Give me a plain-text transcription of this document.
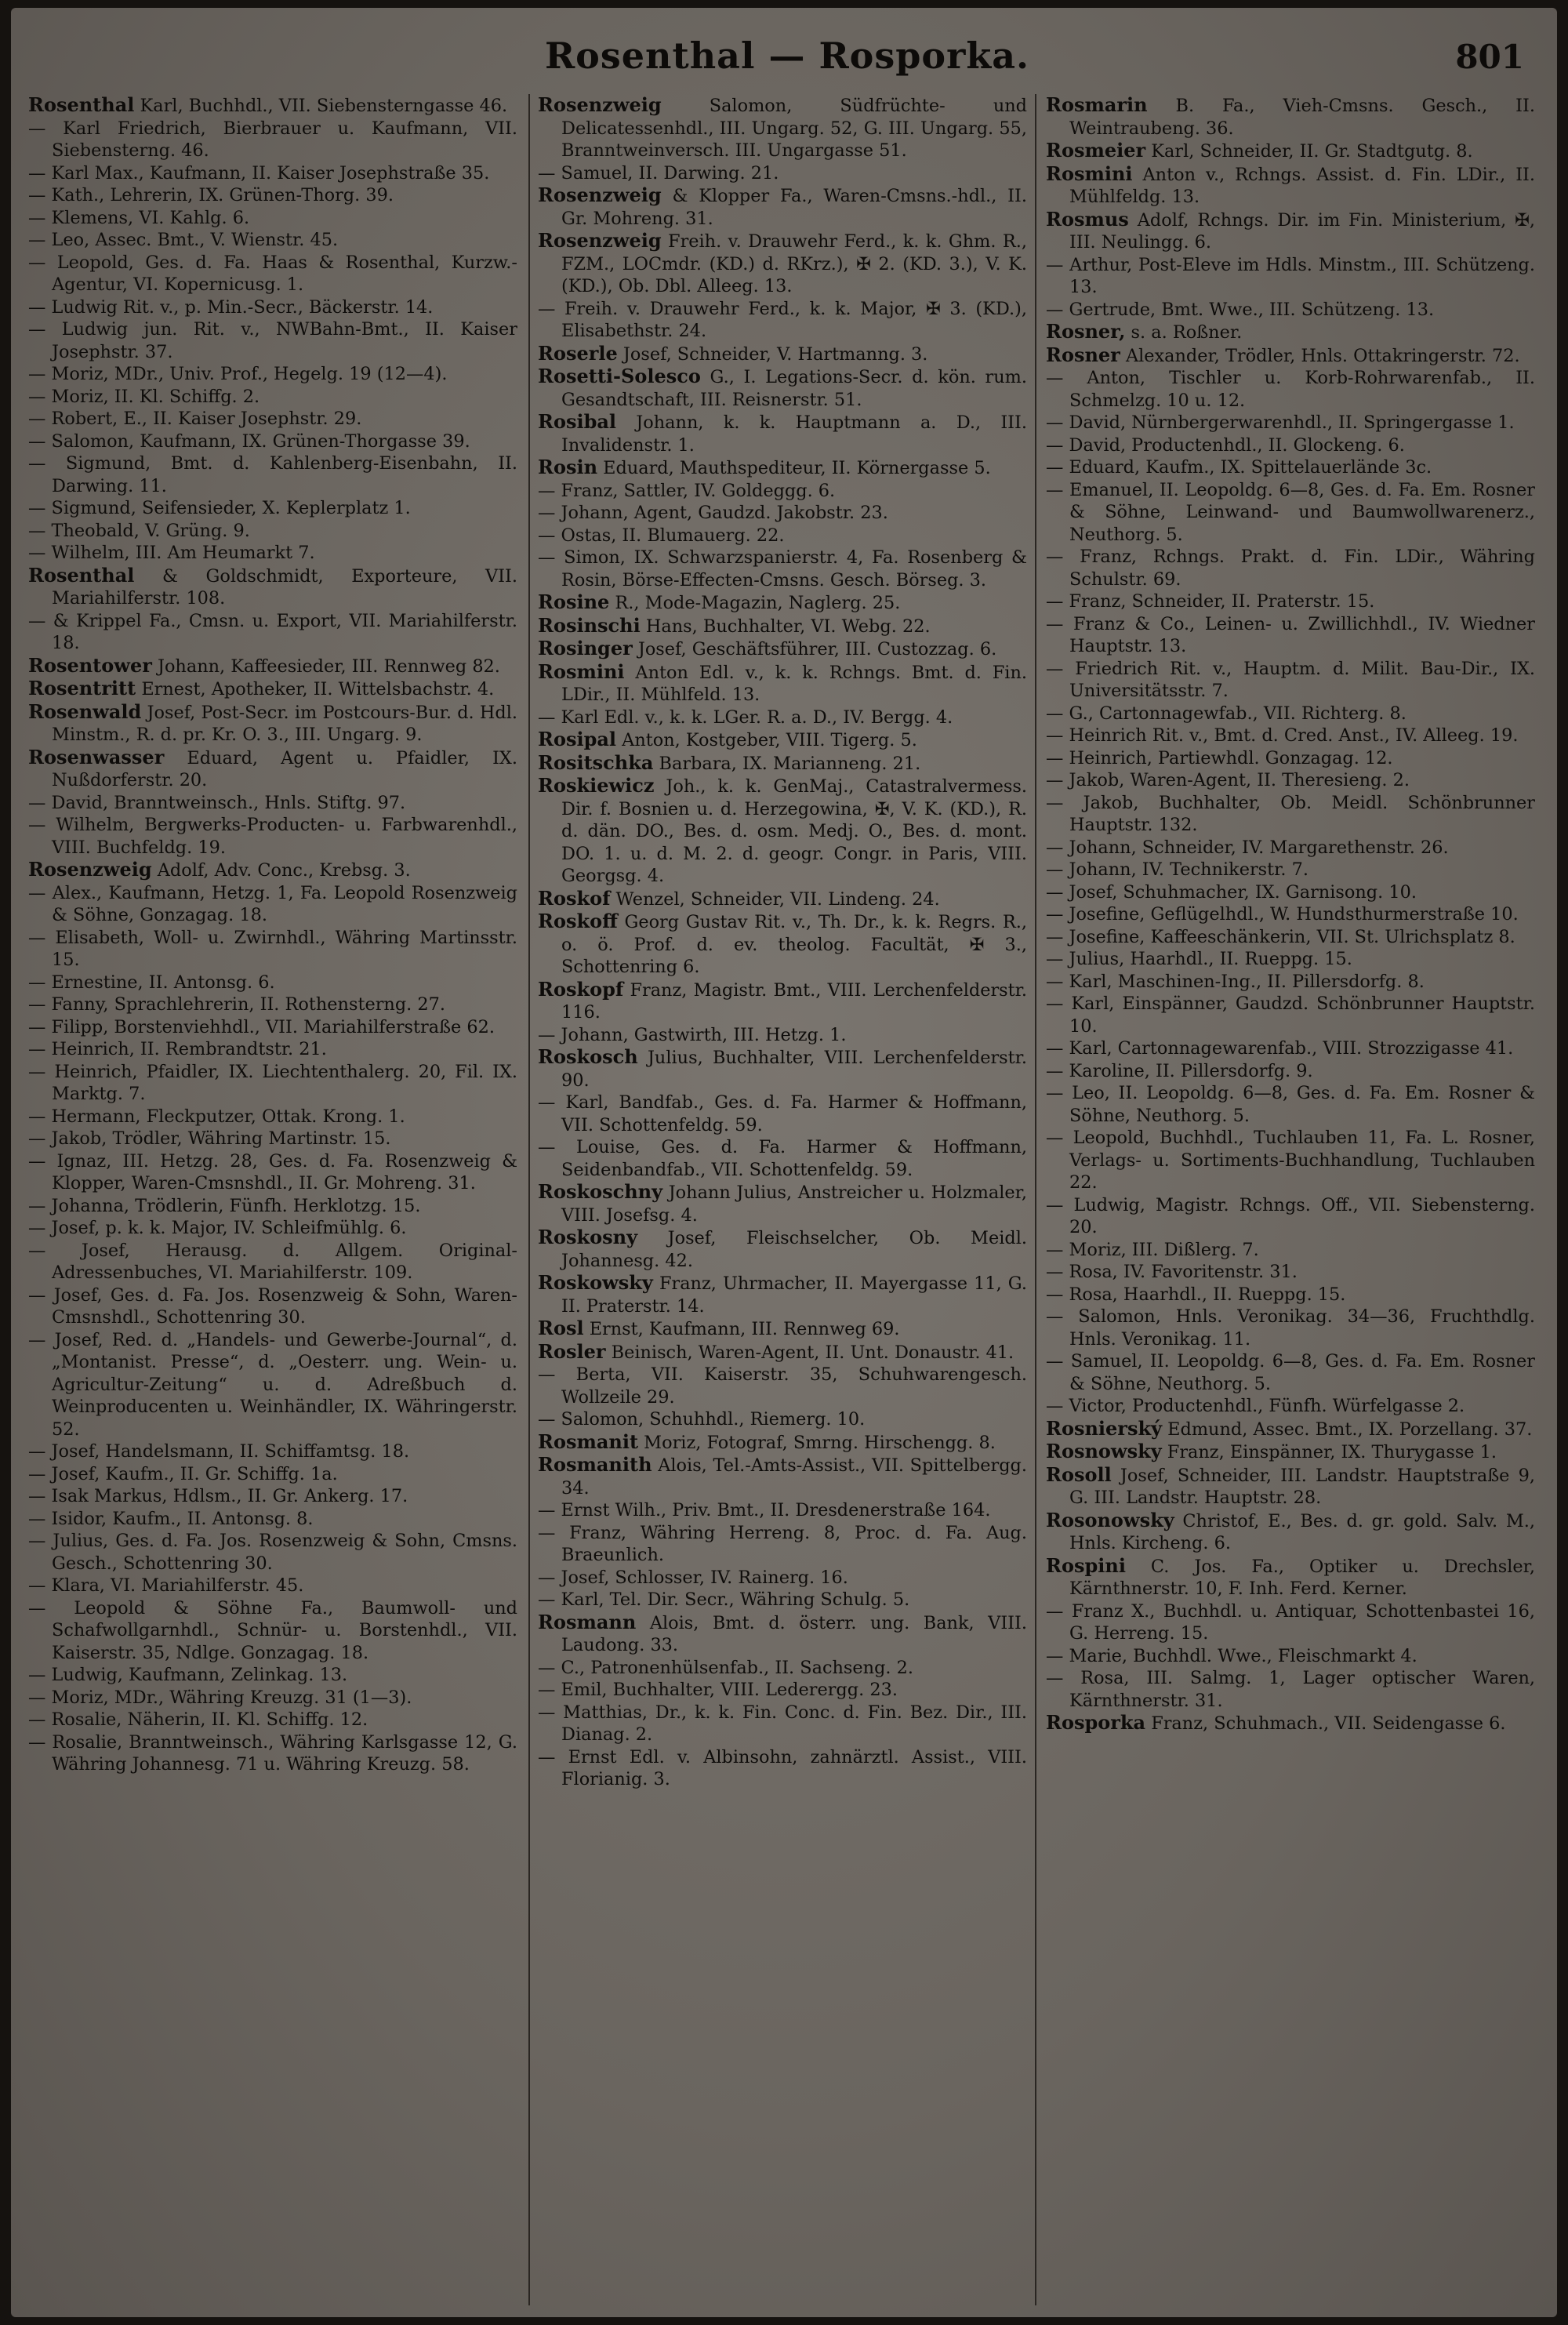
Rosenthal — Rosporka.	801

Rosenthal Karl, Buchhdl., VII. Siebensterngasse 46.

— Karl Friedrich, Bierbrauer u. Kaufmann, VII. Siebensterng. 46.

— Karl Max., Kaufmann, II. Kaiser Josephstraße 35.

— Kath., Lehrerin, IX. Grünen-Thorg. 39.

— Klemens, VI. Kahlg. 6.

— Leo, Assec. Bmt., V. Wienstr. 45.

— Leopold, Ges. d. Fa. Haas & Rosenthal, Kurzw.-Agentur, VI. Kopernicusg. 1.

— Ludwig Rit. v., p. Min.-Secr., Bäckerstr. 14.

— Ludwig jun. Rit. v., NWBahn-Bmt., II. Kaiser Josephstr. 37.

— Moriz, MDr., Univ. Prof., Hegelg. 19 (12—4).

— Moriz, II. Kl. Schiffg. 2.

— Robert, E., II. Kaiser Josephstr. 29.

— Salomon, Kaufmann, IX. Grünen-Thorgasse 39.

— Sigmund, Bmt. d. Kahlenberg-Eisenbahn, II. Darwing. 11.

— Sigmund, Seifensieder, X. Keplerplatz 1.

— Theobald, V. Grüng. 9.

— Wilhelm, III. Am Heumarkt 7.

Rosenthal & Goldschmidt, Exporteure, VII. Mariahilferstr. 108.

— & Krippel Fa., Cmsn. u. Export, VII. Mariahilferstr. 18.

Rosentower Johann, Kaffeesieder, III. Rennweg 82.

Rosentritt Ernest, Apotheker, II. Wittelsbachstr. 4.

Rosenwald Josef, Post-Secr. im Postcours-Bur. d. Hdl. Minstm., R. d. pr. Kr. O. 3., III. Ungarg. 9.

Rosenwasser Eduard, Agent u. Pfaidler, IX. Nußdorferstr. 20.

— David, Branntweinsch., Hnls. Stiftg. 97.

— Wilhelm, Bergwerks-Producten- u. Farbwarenhdl., VIII. Buchfeldg. 19.

Rosenzweig Adolf, Adv. Conc., Krebsg. 3.

— Alex., Kaufmann, Hetzg. 1, Fa. Leopold Rosenzweig & Söhne, Gonzagag. 18.

— Elisabeth, Woll- u. Zwirnhdl., Währing Martinsstr. 15.

— Ernestine, II. Antonsg. 6.

— Fanny, Sprachlehrerin, II. Rothensterng. 27.

— Filipp, Borstenviehhdl., VII. Mariahilferstraße 62.

— Heinrich, II. Rembrandtstr. 21.

— Heinrich, Pfaidler, IX. Liechtenthalerg. 20, Fil. IX. Marktg. 7.

— Hermann, Fleckputzer, Ottak. Krong. 1.

— Jakob, Trödler, Währing Martinstr. 15.

— Ignaz, III. Hetzg. 28, Ges. d. Fa. Rosenzweig & Klopper, Waren-Cmsnshdl., II. Gr. Mohreng. 31.

— Johanna, Trödlerin, Fünfh. Herklotzg. 15.

— Josef, p. k. k. Major, IV. Schleifmühlg. 6.

— Josef, Herausg. d. Allgem. Original-Adressenbuches, VI. Mariahilferstr. 109.

— Josef, Ges. d. Fa. Jos. Rosenzweig & Sohn, Waren-Cmsnshdl., Schottenring 30.

— Josef, Red. d. „Handels- und Gewerbe-Journal“, d. „Montanist. Presse“, d. „Oesterr. ung. Wein- u. Agricultur-Zeitung“ u. d. Adreßbuch d. Weinproducenten u. Weinhändler, IX. Währingerstr. 52.

— Josef, Handelsmann, II. Schiffamtsg. 18.

— Josef, Kaufm., II. Gr. Schiffg. 1a.

— Isak Markus, Hdlsm., II. Gr. Ankerg. 17.

— Isidor, Kaufm., II. Antonsg. 8.

— Julius, Ges. d. Fa. Jos. Rosenzweig & Sohn, Cmsns. Gesch., Schottenring 30.

— Klara, VI. Mariahilferstr. 45.

— Leopold & Söhne Fa., Baumwoll- und Schafwollgarnhdl., Schnür- u. Borstenhdl., VII. Kaiserstr. 35, Ndlge. Gonzagag. 18.

— Ludwig, Kaufmann, Zelinkag. 13.

— Moriz, MDr., Währing Kreuzg. 31 (1—3).

— Rosalie, Näherin, II. Kl. Schiffg. 12.

— Rosalie, Branntweinsch., Währing Karlsgasse 12, G. Währing Johannesg. 71 u. Währing Kreuzg. 58.

Rosenzweig Salomon, Südfrüchte- und Delicatessenhdl., III. Ungarg. 52, G. III. Ungarg. 55, Branntweinversch. III. Ungargasse 51.

— Samuel, II. Darwing. 21.

Rosenzweig & Klopper Fa., Waren-Cmsns.-hdl., II. Gr. Mohreng. 31.

Rosenzweig Freih. v. Drauwehr Ferd., k. k. Ghm. R., FZM., LOCmdr. (KD.) d. RKrz.), ✠ 2. (KD. 3.), V. K. (KD.), Ob. Dbl. Alleeg. 13.

— Freih. v. Drauwehr Ferd., k. k. Major, ✠ 3. (KD.), Elisabethstr. 24.

Roserle Josef, Schneider, V. Hartmanng. 3.

Rosetti-Solesco G., I. Legations-Secr. d. kön. rum. Gesandtschaft, III. Reisnerstr. 51.

Rosibal Johann, k. k. Hauptmann a. D., III. Invalidenstr. 1.

Rosin Eduard, Mauthspediteur, II. Körnergasse 5.

— Franz, Sattler, IV. Goldeggg. 6.

— Johann, Agent, Gaudzd. Jakobstr. 23.

— Ostas, II. Blumauerg. 22.

— Simon, IX. Schwarzspanierstr. 4, Fa. Rosenberg & Rosin, Börse-Effecten-Cmsns. Gesch. Börseg. 3.

Rosine R., Mode-Magazin, Naglerg. 25.

Rosinschi Hans, Buchhalter, VI. Webg. 22.

Rosinger Josef, Geschäftsführer, III. Custozzag. 6.

Rosmini Anton Edl. v., k. k. Rchngs. Bmt. d. Fin. LDir., II. Mühlfeld. 13.

— Karl Edl. v., k. k. LGer. R. a. D., IV. Bergg. 4.

Rosipal Anton, Kostgeber, VIII. Tigerg. 5.

Rositschka Barbara, IX. Marianneng. 21.

Roskiewicz Joh., k. k. GenMaj., Catastralvermess. Dir. f. Bosnien u. d. Herzegowina, ✠, V. K. (KD.), R. d. dän. DO., Bes. d. osm. Medj. O., Bes. d. mont. DO. 1. u. d. M. 2. d. geogr. Congr. in Paris, VIII. Georgsg. 4.

Roskof Wenzel, Schneider, VII. Lindeng. 24.

Roskoff Georg Gustav Rit. v., Th. Dr., k. k. Regrs. R., o. ö. Prof. d. ev. theolog. Facultät, ✠ 3., Schottenring 6.

Roskopf Franz, Magistr. Bmt., VIII. Lerchenfelderstr. 116.

— Johann, Gastwirth, III. Hetzg. 1.

Roskosch Julius, Buchhalter, VIII. Lerchenfelderstr. 90.

— Karl, Bandfab., Ges. d. Fa. Harmer & Hoffmann, VII. Schottenfeldg. 59.

— Louise, Ges. d. Fa. Harmer & Hoffmann, Seidenbandfab., VII. Schottenfeldg. 59.

Roskoschny Johann Julius, Anstreicher u. Holzmaler, VIII. Josefsg. 4.

Roskosny Josef, Fleischselcher, Ob. Meidl. Johannesg. 42.

Roskowsky Franz, Uhrmacher, II. Mayergasse 11, G. II. Praterstr. 14.

Rosl Ernst, Kaufmann, III. Rennweg 69.

Rosler Beinisch, Waren-Agent, II. Unt. Donaustr. 41.

— Berta, VII. Kaiserstr. 35, Schuhwarengesch. Wollzeile 29.

— Salomon, Schuhhdl., Riemerg. 10.

Rosmanit Moriz, Fotograf, Smrng. Hirschengg. 8.

Rosmanith Alois, Tel.-Amts-Assist., VII. Spittelbergg. 34.

— Ernst Wilh., Priv. Bmt., II. Dresdenerstraße 164.

— Franz, Währing Herreng. 8, Proc. d. Fa. Aug. Braeunlich.

— Josef, Schlosser, IV. Rainerg. 16.

— Karl, Tel. Dir. Secr., Währing Schulg. 5.

Rosmann Alois, Bmt. d. österr. ung. Bank, VIII. Laudong. 33.

— C., Patronenhülsenfab., II. Sachseng. 2.

— Emil, Buchhalter, VIII. Lederergg. 23.

— Matthias, Dr., k. k. Fin. Conc. d. Fin. Bez. Dir., III. Dianag. 2.

— Ernst Edl. v. Albinsohn, zahnärztl. Assist., VIII. Florianig. 3.

Rosmarin B. Fa., Vieh-Cmsns. Gesch., II. Weintraubeng. 36.

Rosmeier Karl, Schneider, II. Gr. Stadtgutg. 8.

Rosmini Anton v., Rchngs. Assist. d. Fin. LDir., II. Mühlfeldg. 13.

Rosmus Adolf, Rchngs. Dir. im Fin. Ministerium, ✠, III. Neulingg. 6.

— Arthur, Post-Eleve im Hdls. Minstm., III. Schützeng. 13.

— Gertrude, Bmt. Wwe., III. Schützeng. 13.

Rosner, s. a. Roßner.

Rosner Alexander, Trödler, Hnls. Ottakringerstr. 72.

— Anton, Tischler u. Korb-Rohrwarenfab., II. Schmelzg. 10 u. 12.

— David, Nürnbergerwarenhdl., II. Springergasse 1.

— David, Productenhdl., II. Glockeng. 6.

— Eduard, Kaufm., IX. Spittelauerlände 3c.

— Emanuel, II. Leopoldg. 6—8, Ges. d. Fa. Em. Rosner & Söhne, Leinwand- und Baumwollwarenerz., Neuthorg. 5.

— Franz, Rchngs. Prakt. d. Fin. LDir., Währing Schulstr. 69.

— Franz, Schneider, II. Praterstr. 15.

— Franz & Co., Leinen- u. Zwillichhdl., IV. Wiedner Hauptstr. 13.

— Friedrich Rit. v., Hauptm. d. Milit. Bau-Dir., IX. Universitätsstr. 7.

— G., Cartonnagewfab., VII. Richterg. 8.

— Heinrich Rit. v., Bmt. d. Cred. Anst., IV. Alleeg. 19.

— Heinrich, Partiewhdl. Gonzagag. 12.

— Jakob, Waren-Agent, II. Theresieng. 2.

— Jakob, Buchhalter, Ob. Meidl. Schönbrunner Hauptstr. 132.

— Johann, Schneider, IV. Margarethenstr. 26.

— Johann, IV. Technikerstr. 7.

— Josef, Schuhmacher, IX. Garnisong. 10.

— Josefine, Geflügelhdl., W. Hundsthurmerstraße 10.

— Josefine, Kaffeeschänkerin, VII. St. Ulrichsplatz 8.

— Julius, Haarhdl., II. Rueppg. 15.

— Karl, Maschinen-Ing., II. Pillersdorfg. 8.

— Karl, Einspänner, Gaudzd. Schönbrunner Hauptstr. 10.

— Karl, Cartonnagewarenfab., VIII. Strozzigasse 41.

— Karoline, II. Pillersdorfg. 9.

— Leo, II. Leopoldg. 6—8, Ges. d. Fa. Em. Rosner & Söhne, Neuthorg. 5.

— Leopold, Buchhdl., Tuchlauben 11, Fa. L. Rosner, Verlags- u. Sortiments-Buchhandlung, Tuchlauben 22.

— Ludwig, Magistr. Rchngs. Off., VII. Siebensterng. 20.

— Moriz, III. Dißlerg. 7.

— Rosa, IV. Favoritenstr. 31.

— Rosa, Haarhdl., II. Rueppg. 15.

— Salomon, Hnls. Veronikag. 34—36, Fruchthdlg. Hnls. Veronikag. 11.

— Samuel, II. Leopoldg. 6—8, Ges. d. Fa. Em. Rosner & Söhne, Neuthorg. 5.

— Victor, Productenhdl., Fünfh. Würfelgasse 2.

Rosnierský Edmund, Assec. Bmt., IX. Porzellang. 37.

Rosnowsky Franz, Einspänner, IX. Thurygasse 1.

Rosoll Josef, Schneider, III. Landstr. Hauptstraße 9, G. III. Landstr. Hauptstr. 28.

Rosonowsky Christof, E., Bes. d. gr. gold. Salv. M., Hnls. Kircheng. 6.

Rospini C. Jos. Fa., Optiker u. Drechsler, Kärnthnerstr. 10, F. Inh. Ferd. Kerner.

— Franz X., Buchhdl. u. Antiquar, Schottenbastei 16, G. Herreng. 15.

— Marie, Buchhdl. Wwe., Fleischmarkt 4.

— Rosa, III. Salmg. 1, Lager optischer Waren, Kärnthnerstr. 31.

Rosporka Franz, Schuhmach., VII. Seidengasse 6.
